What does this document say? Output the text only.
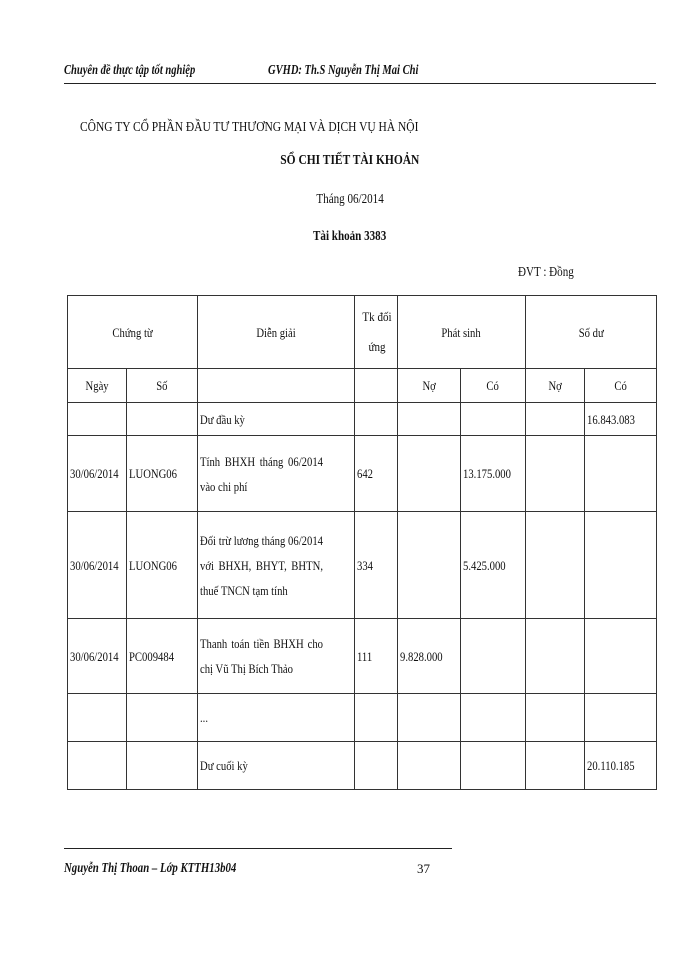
Chuyên đề thực tập tốt nghiệp	GVHD: Th.S Nguyễn Thị Mai Chi
CÔNG TY CỔ PHẦN ĐẦU TƯ THƯƠNG MẠI VÀ DỊCH VỤ HÀ NỘI
SỔ CHI TIẾT TÀI KHOẢN
Tháng 06/2014
Tài khoản 3383
ĐVT : Đồng
Chứng từ		Diễn giải	Tk đối ứng	Phát sinh		Số dư	
Ngày	Số			Nợ	Có	Nợ	Có
		Dư đầu kỳ					16.843.083
30/06/2014	LUONG06	Tính BHXH tháng 06/2014 vào chi phí	642		13.175.000		
30/06/2014	LUONG06	Đối trừ lương tháng 06/2014 với BHXH, BHYT, BHTN, thuế TNCN tạm tính	334		5.425.000		
30/06/2014	PC009484	Thanh toán tiền BHXH cho chị Vũ Thị Bích Thảo	111	9.828.000			
		...					
		Dư cuối kỳ					20.110.185
Nguyễn Thị Thoan – Lớp KTTH13b04	37
